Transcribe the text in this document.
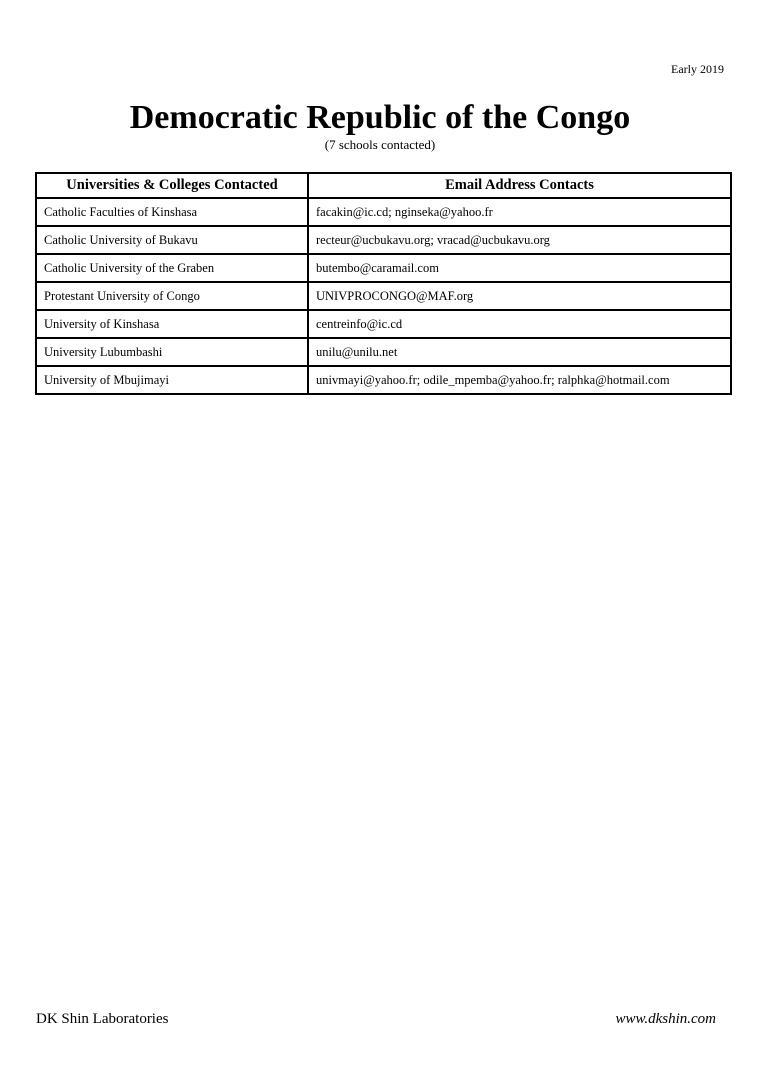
Early 2019
Democratic Republic of the Congo
(7 schools contacted)
Universities & Colleges Contacted	Email Address Contacts
Catholic Faculties of Kinshasa	facakin@ic.cd; nginseka@yahoo.fr
Catholic University of Bukavu	recteur@ucbukavu.org; vracad@ucbukavu.org
Catholic University of the Graben	butembo@caramail.com
Protestant University of Congo	UNIVPROCONGO@MAF.org
University of Kinshasa	centreinfo@ic.cd
University Lubumbashi	unilu@unilu.net
University of Mbujimayi	univmayi@yahoo.fr; odile_mpemba@yahoo.fr; ralphka@hotmail.com
DK Shin Laboratories	www.dkshin.com
